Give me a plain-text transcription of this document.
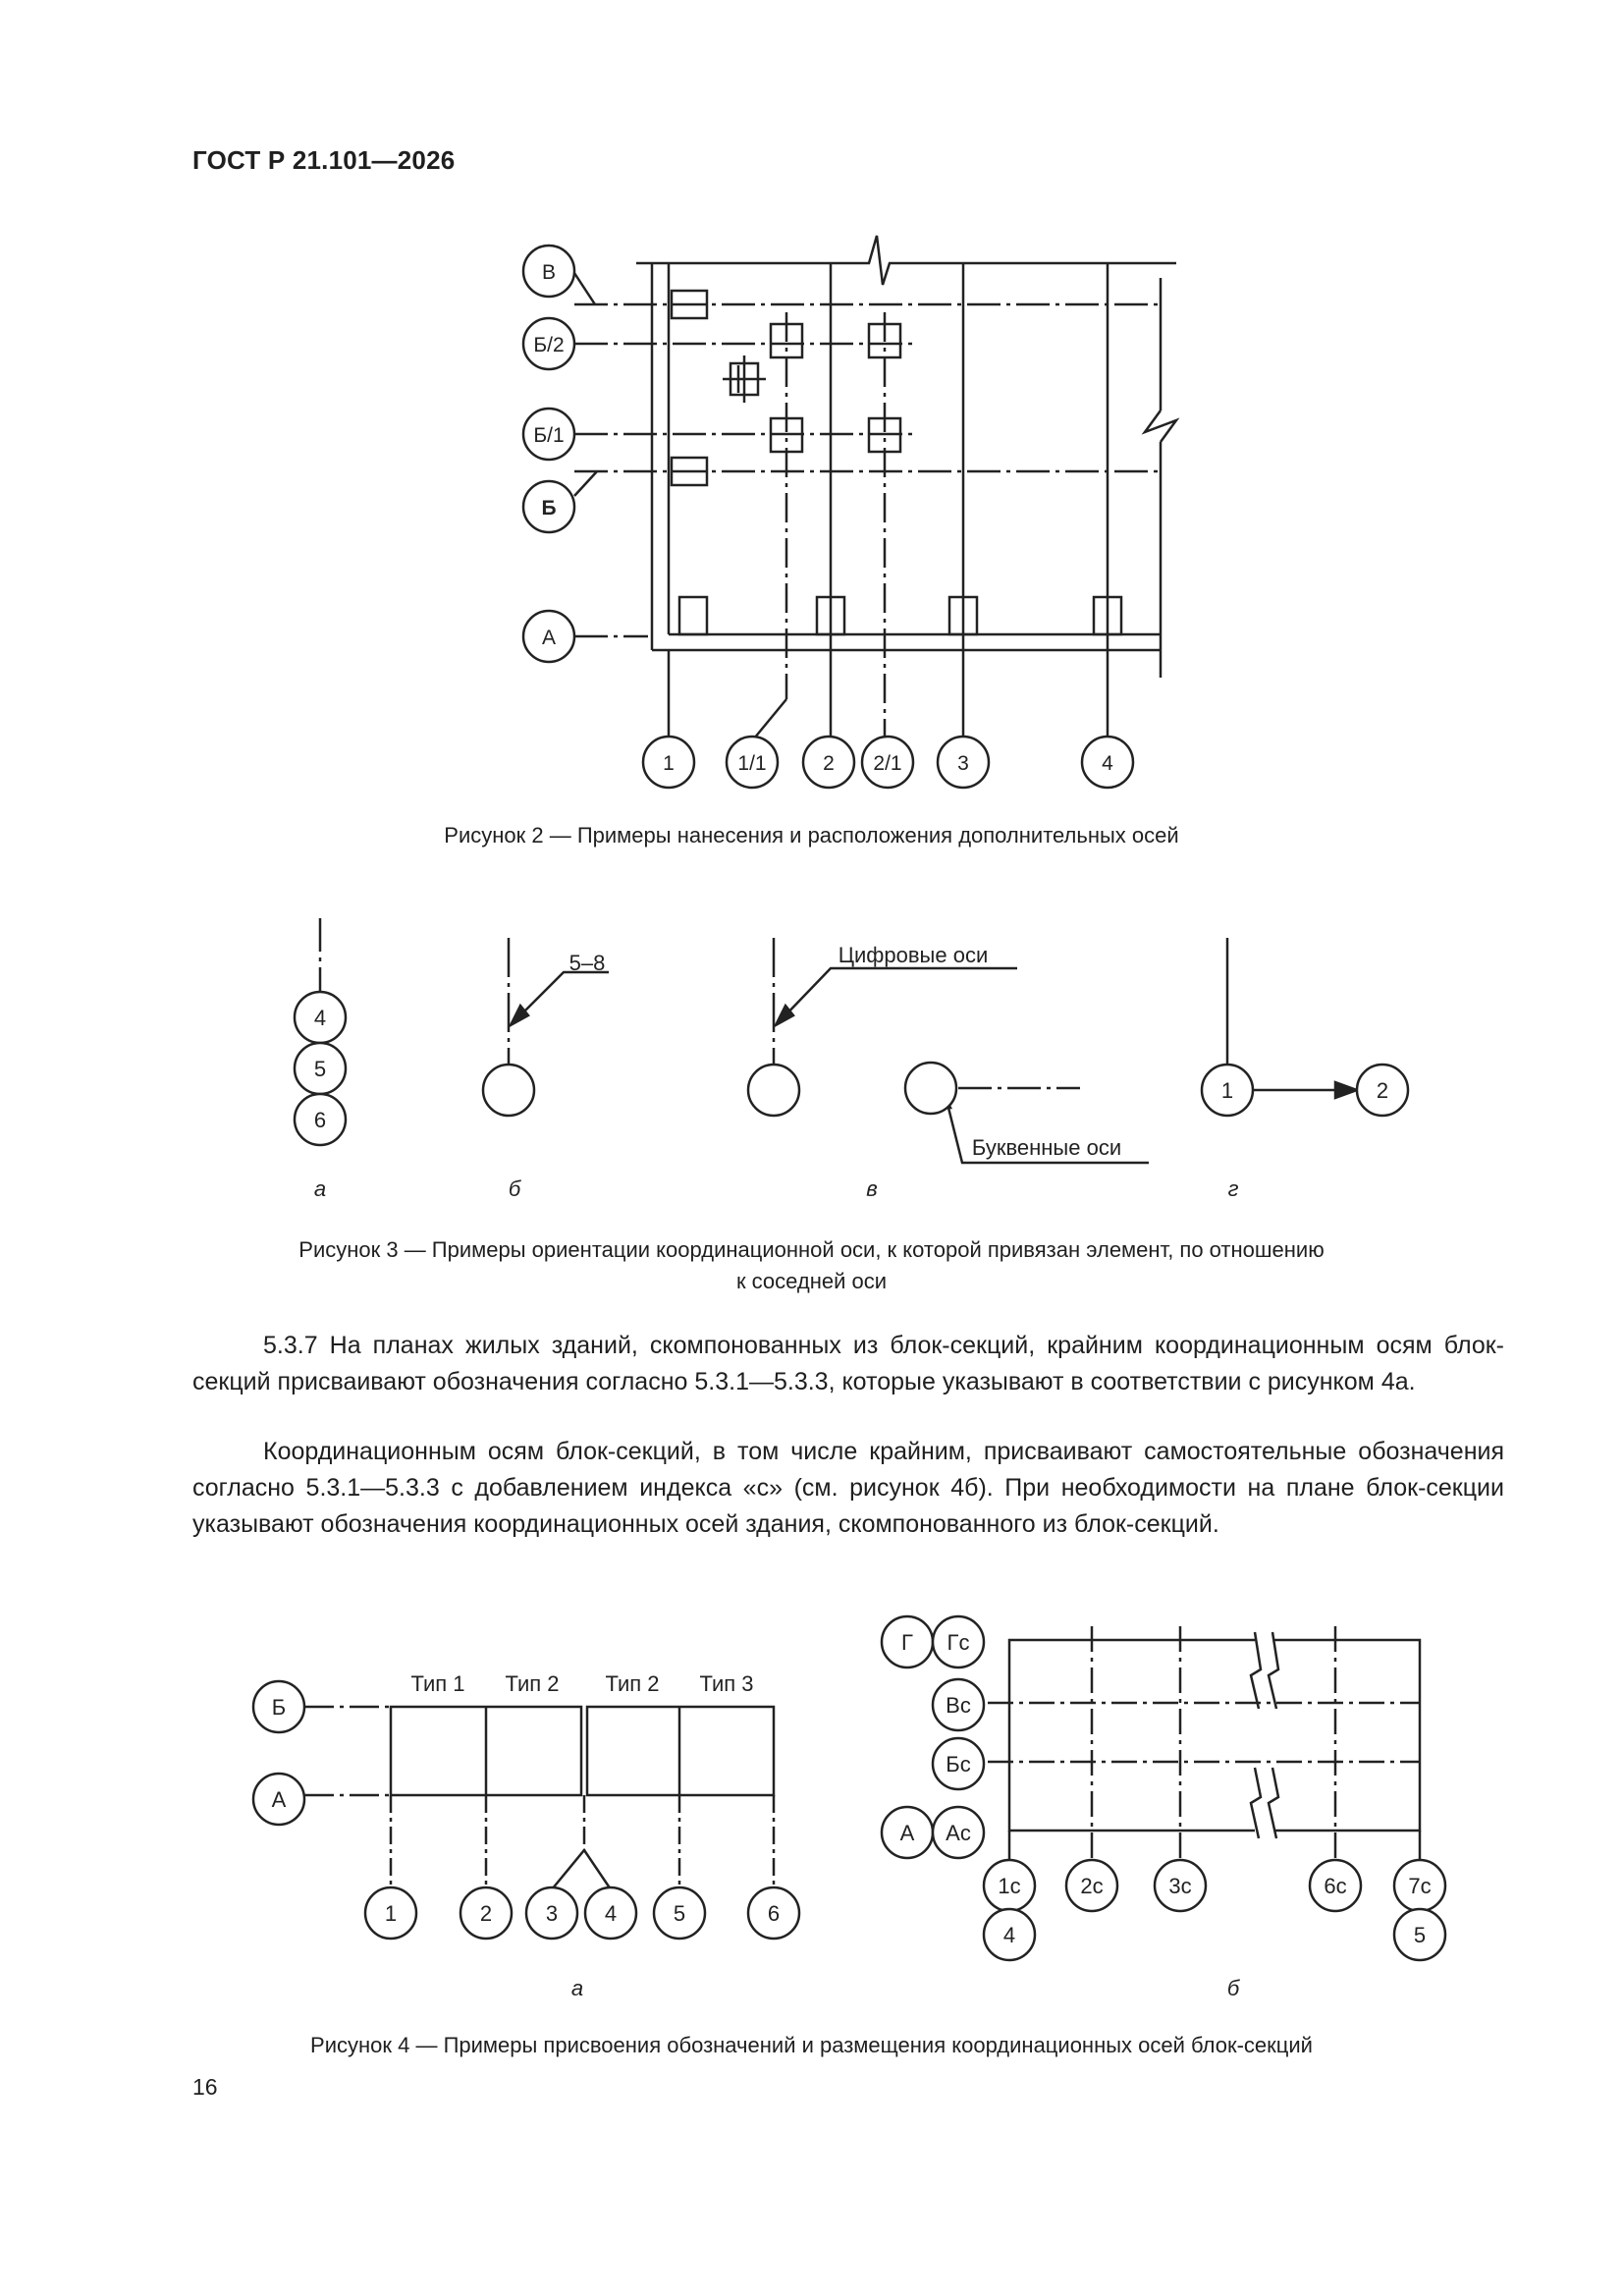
ГОСТ Р 21.101—2026
В
Б/2
Б/1
Б
А
1	1/1	2 2/1	3	4
Рисунок 2 — Примеры нанесения и расположения дополнительных осей
4
5
6
5–8	Цифровые оси
Буквенные оси
1	2
а	б	в	г
Рисунок 3 — Примеры ориентации координационной оси, к которой привязан элемент, по отношению
к соседней оси

5.3.7 На планах жилых зданий, скомпонованных из блок-секций, крайним координационным осям блок-секций присваивают обозначения согласно 5.3.1—5.3.3, которые указывают в соответствии с рисунком 4а.

Координационным осям блок-секций, в том числе крайним, присваивают самостоятельные обозначения согласно 5.3.1—5.3.3 с добавлением индекса «с» (см. рисунок 4б). При необходимости на плане блок-секции указывают обозначения координационных осей здания, скомпонованного из блок-секций.

Тип 1 Тип 2 Тип 2 Тип 3
Б
А
1	2 3 4	5	6
Г Гс
Вс
Бс
А Ас
1с	2с	3с	6с	7с
4	5
а	б
Рисунок 4 — Примеры присвоения обозначений и размещения координационных осей блок-секций
16
